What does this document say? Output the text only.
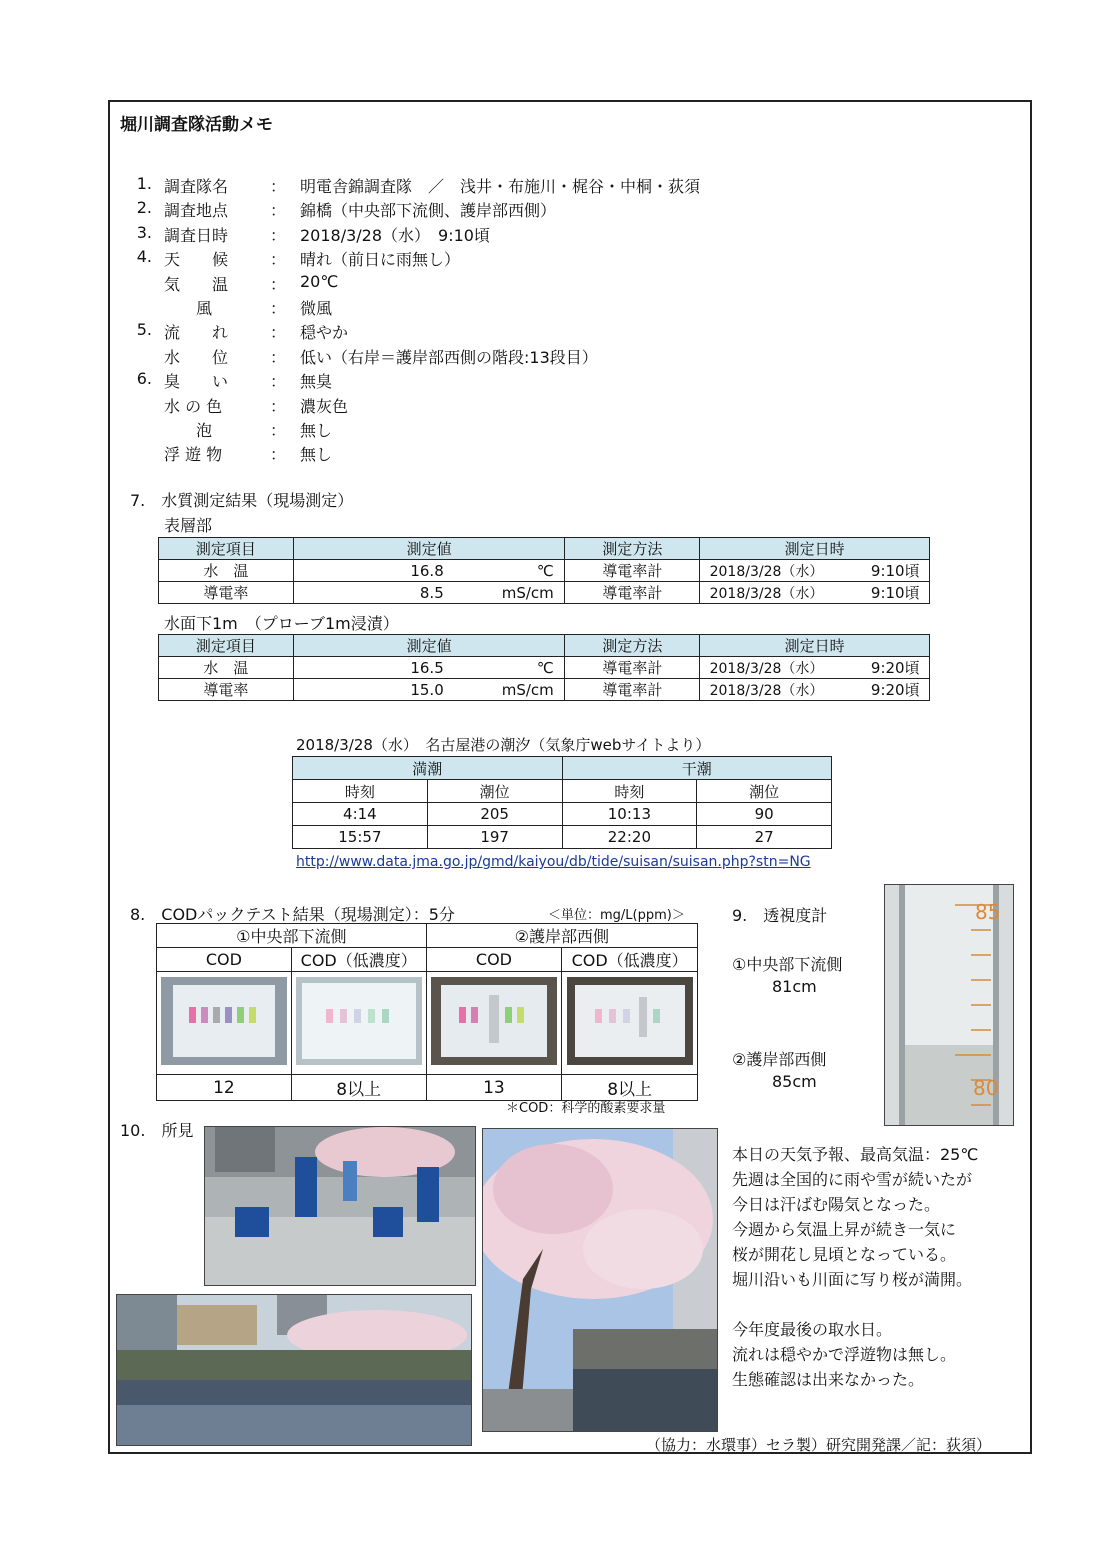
堀川調査隊活動メモ
1. 調査隊名	： 明電舎錦調査隊　／　浅井・布施川・梶谷・中桐・荻須
2. 調査地点	： 錦橋（中央部下流側、護岸部西側）
3. 調査日時	： 2018/3/28（水）　9:10頃
4. 天　　候	： 晴れ（前日に雨無し）
気　　温	： 20℃
　　風	： 微風
5. 流　　れ	： 穏やか
水　　位	： 低い（右岸＝護岸部西側の階段:13段目）
6. 臭　　い	： 無臭
水 の 色	： 濃灰色
　　泡	： 無し
浮 遊 物	： 無し
7.　水質測定結果（現場測定）
表層部
測定項目	測定値	測定方法	測定日時
水　温	16.8 ℃	導電率計	2018/3/28（水） 9:10頃
導電率	8.5 mS/cm	導電率計	2018/3/28（水） 9:10頃
水面下1m　（プローブ1m浸漬）
測定項目	測定値	測定方法	測定日時
水　温	16.5 ℃	導電率計	2018/3/28（水） 9:20頃
導電率	15.0 mS/cm	導電率計	2018/3/28（水） 9:20頃
2018/3/28（水）　名古屋港の潮汐（気象庁webサイトより）
満潮		干潮	
時刻	潮位	時刻	潮位
4:14	205	10:13	90
15:57	197	22:20	27
http://www.data.jma.go.jp/gmd/kaiyou/db/tide/suisan/suisan.php?stn=NG
8.　CODパックテスト結果（現場測定）：5分	＜単位：mg/L(ppm)＞
①中央部下流側		②護岸部西側	
COD	COD（低濃度）	COD	COD（低濃度）

12	8以上	13	8以上
＊COD：科学的酸素要求量
9.　透視度計
①中央部下流側
81cm
②護岸部西側
85cm
85
80
10.　所見
本日の天気予報、最高気温：25℃
先週は全国的に雨や雪が続いたが
今日は汗ばむ陽気となった。
今週から気温上昇が続き一気に
桜が開花し見頃となっている。
堀川沿いも川面に写り桜が満開。
今年度最後の取水日。
流れは穏やかで浮遊物は無し。
生態確認は出来なかった。
（協力：水環事）セラ製）研究開発課／記：荻須）
